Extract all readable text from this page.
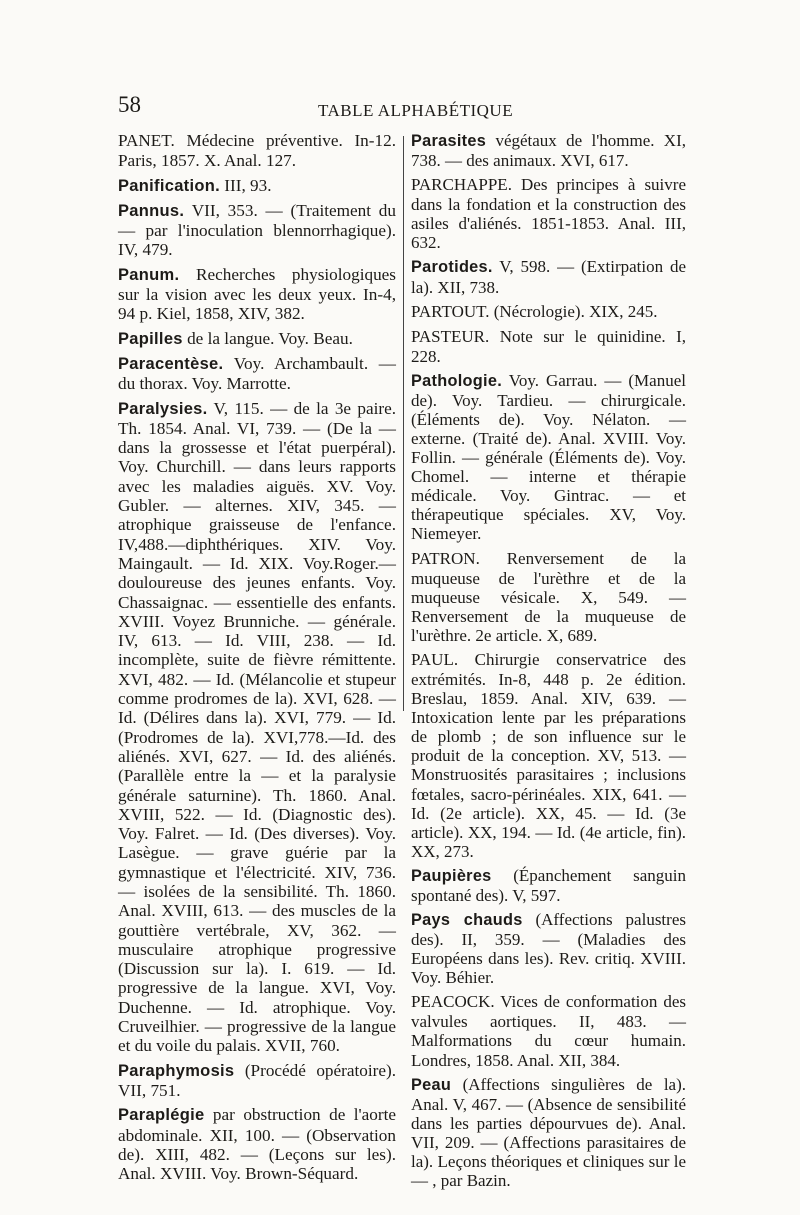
58	TABLE ALPHABÉTIQUE
PANET. Médecine préventive. In-12. Paris, 1857. X. Anal. 127.
Panification. III, 93.
Pannus. VII, 353. — (Traitement du — par l'inoculation blennorrhagique). IV, 479.
Panum. Recherches physiologiques sur la vision avec les deux yeux. In-4, 94 p. Kiel, 1858, XIV, 382.
Papilles de la langue. Voy. Beau.
Paracentèse. Voy. Archambault. — du thorax. Voy. Marrotte.
Paralysies. V, 115. — de la 3e paire. Th. 1854. Anal. VI, 739. — (De la — dans la grossesse et l'état puerpéral). Voy. Churchill. — dans leurs rapports avec les maladies aiguës. XV. Voy. Gubler. — alternes. XIV, 345. — atrophique graisseuse de l'enfance. IV,488.—diphthériques. XIV. Voy. Maingault. — Id. XIX. Voy.Roger.— douloureuse des jeunes enfants. Voy. Chassaignac. — essentielle des enfants. XVIII. Voyez Brunniche. — générale. IV, 613. — Id. VIII, 238. — Id. incomplète, suite de fièvre rémittente. XVI, 482. — Id. (Mélancolie et stupeur comme prodromes de la). XVI, 628. — Id. (Délires dans la). XVI, 779. — Id. (Prodromes de la). XVI,778.—Id. des aliénés. XVI, 627. — Id. des aliénés. (Parallèle entre la — et la paralysie générale saturnine). Th. 1860. Anal. XVIII, 522. — Id. (Diagnostic des). Voy. Falret. — Id. (Des diverses). Voy. Lasègue. — grave guérie par la gymnastique et l'électricité. XIV, 736. — isolées de la sensibilité. Th. 1860. Anal. XVIII, 613. — des muscles de la gouttière vertébrale, XV, 362. — musculaire atrophique progressive (Discussion sur la). I. 619. — Id. progressive de la langue. XVI, Voy. Duchenne. — Id. atrophique. Voy. Cruveilhier. — progressive de la langue et du voile du palais. XVII, 760.
Paraphymosis (Procédé opératoire). VII, 751.
Paraplégie par obstruction de l'aorte abdominale. XII, 100. — (Observation de). XIII, 482. — (Leçons sur les). Anal. XVIII. Voy. Brown-Séquard.
Parasites végétaux de l'homme. XI, 738. — des animaux. XVI, 617.
PARCHAPPE. Des principes à suivre dans la fondation et la construction des asiles d'aliénés. 1851-1853. Anal. III, 632.
Parotides. V, 598. — (Extirpation de la). XII, 738.
PARTOUT. (Nécrologie). XIX, 245.
PASTEUR. Note sur le quinidine. I, 228.
Pathologie. Voy. Garrau. — (Manuel de). Voy. Tardieu. — chirurgicale. (Éléments de). Voy. Nélaton. — externe. (Traité de). Anal. XVIII. Voy. Follin. — générale (Éléments de). Voy. Chomel. — interne et thérapie médicale. Voy. Gintrac. — et thérapeutique spéciales. XV, Voy. Niemeyer.
PATRON. Renversement de la muqueuse de l'urèthre et de la muqueuse vésicale. X, 549. — Renversement de la muqueuse de l'urèthre. 2e article. X, 689.
PAUL. Chirurgie conservatrice des extrémités. In-8, 448 p. 2e édition. Breslau, 1859. Anal. XIV, 639. — Intoxication lente par les préparations de plomb ; de son influence sur le produit de la conception. XV, 513. — Monstruosités parasitaires ; inclusions fœtales, sacro-périnéales. XIX, 641. — Id. (2e article). XX, 45. — Id. (3e article). XX, 194. — Id. (4e article, fin). XX, 273.
Paupières (Épanchement sanguin spontané des). V, 597.
Pays chauds (Affections palustres des). II, 359. — (Maladies des Européens dans les). Rev. critiq. XVIII. Voy. Béhier.
PEACOCK. Vices de conformation des valvules aortiques. II, 483. — Malformations du cœur humain. Londres, 1858. Anal. XII, 384.
Peau (Affections singulières de la). Anal. V, 467. — (Absence de sensibilité dans les parties dépourvues de). Anal. VII, 209. — (Affections parasitaires de la). Leçons théoriques et cliniques sur le — , par Bazin.
